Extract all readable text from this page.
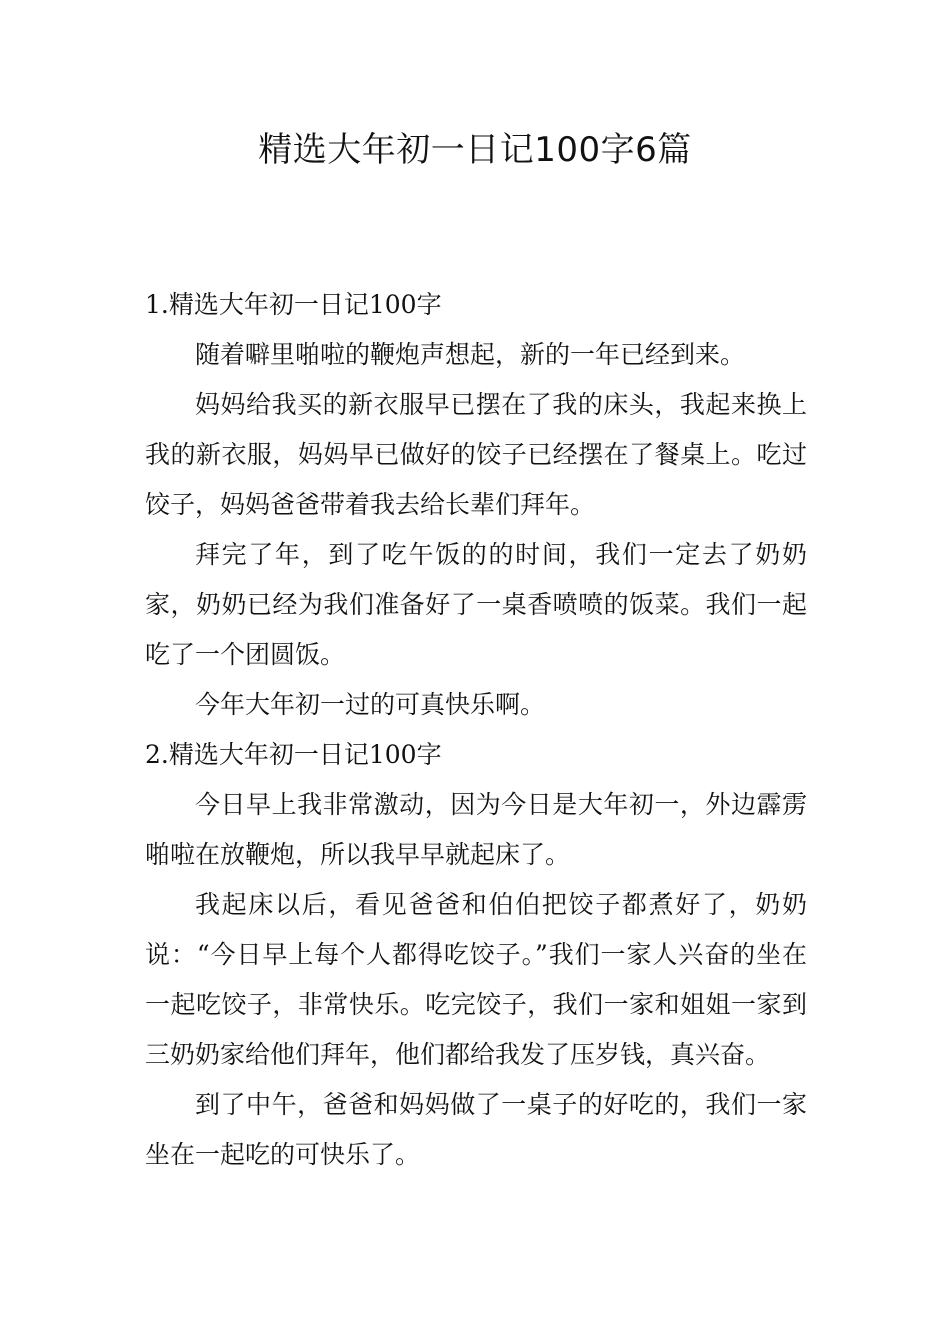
精选大年初一日记100字6篇

1.精选大年初一日记100字

随着噼里啪啦的鞭炮声想起，新的一年已经到来。

妈妈给我买的新衣服早已摆在了我的床头，我起来换上我的新衣服，妈妈早已做好的饺子已经摆在了餐桌上。吃过饺子，妈妈爸爸带着我去给长辈们拜年。

拜完了年，到了吃午饭的的时间，我们一定去了奶奶家，奶奶已经为我们准备好了一桌香喷喷的饭菜。我们一起吃了一个团圆饭。

今年大年初一过的可真快乐啊。

2.精选大年初一日记100字

今日早上我非常激动，因为今日是大年初一，外边霹雳啪啦在放鞭炮，所以我早早就起床了。

我起床以后，看见爸爸和伯伯把饺子都煮好了，奶奶说：“今日早上每个人都得吃饺子。”我们一家人兴奋的坐在一起吃饺子，非常快乐。吃完饺子，我们一家和姐姐一家到三奶奶家给他们拜年，他们都给我发了压岁钱，真兴奋。

到了中午，爸爸和妈妈做了一桌子的好吃的，我们一家坐在一起吃的可快乐了。
